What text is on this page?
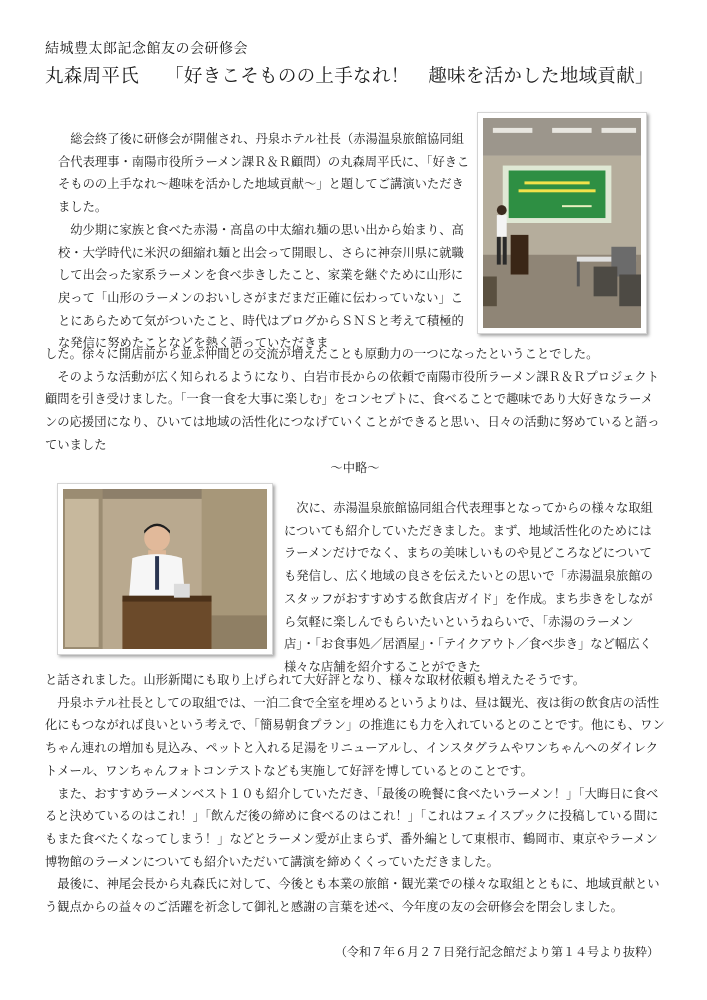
結城豊太郎記念館友の会研修会
丸森周平氏 「好きこそものの上手なれ！　趣味を活かした地域貢献」

総会終了後に研修会が開催され、丹泉ホテル社長（赤湯温泉旅館協同組合代表理事・南陽市役所ラーメン課Ｒ＆Ｒ顧問）の丸森周平氏に、「好きこそものの上手なれ～趣味を活かした地域貢献～」と題してご講演いただきました。

幼少期に家族と食べた赤湯・高畠の中太縮れ麺の思い出から始まり、高校・大学時代に米沢の細縮れ麺と出会って開眼し、さらに神奈川県に就職して出会った家系ラーメンを食べ歩きしたこと、家業を継ぐために山形に戻って「山形のラーメンのおいしさがまだまだ正確に伝わっていない」ことにあらためて気がついたこと、時代はブログからＳＮＳと考えて積極的な発信に努めたことなどを熱く語っていただきま

した。徐々に開店前から並ぶ仲間との交流が増えたことも原動力の一つになったということでした。

そのような活動が広く知られるようになり、白岩市長からの依頼で南陽市役所ラーメン課Ｒ＆Ｒプロジェクト顧問を引き受けました。「一食一食を大事に楽しむ」をコンセプトに、食べることで趣味であり大好きなラーメンの応援団になり、ひいては地域の活性化につなげていくことができると思い、日々の活動に努めていると語っていました

～中略～

次に、赤湯温泉旅館協同組合代表理事となってからの様々な取組についても紹介していただきました。まず、地域活性化のためにはラーメンだけでなく、まちの美味しいものや見どころなどについても発信し、広く地域の良さを伝えたいとの思いで「赤湯温泉旅館のスタッフがおすすめする飲食店ガイド」を作成。まち歩きをしながら気軽に楽しんでもらいたいというねらいで、「赤湯のラーメン店」・「お食事処／居酒屋」・「テイクアウト／食べ歩き」など幅広く様々な店舗を紹介することができた

と話されました。山形新聞にも取り上げられて大好評となり、様々な取材依頼も増えたそうです。

丹泉ホテル社長としての取組では、一泊二食で全室を埋めるというよりは、昼は観光、夜は街の飲食店の活性化にもつながれば良いという考えで、「簡易朝食プラン」の推進にも力を入れているとのことです。他にも、ワンちゃん連れの増加も見込み、ペットと入れる足湯をリニューアルし、インスタグラムやワンちゃんへのダイレクトメール、ワンちゃんフォトコンテストなども実施して好評を博しているとのことです。

また、おすすめラーメンベスト１０も紹介していただき、「最後の晩餐に食べたいラーメン！」「大晦日に食べると決めているのはこれ！」「飲んだ後の締めに食べるのはこれ！」「これはフェイスブックに投稿している間にもまた食べたくなってしまう！」などとラーメン愛が止まらず、番外編として東根市、鶴岡市、東京やラーメン博物館のラーメンについても紹介いただいて講演を締めくくっていただきました。

最後に、神尾会長から丸森氏に対して、今後とも本業の旅館・観光業での様々な取組とともに、地域貢献という観点からの益々のご活躍を祈念して御礼と感謝の言葉を述べ、今年度の友の会研修会を閉会しました。

（令和７年６月２７日発行記念館だより第１４号より抜粋）
